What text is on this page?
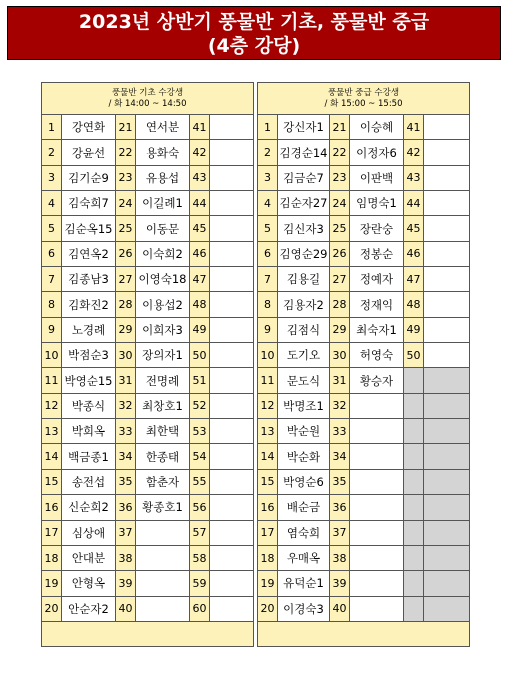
2023년 상반기 풍물반 기초, 풍물반 중급
(4층 강당)
풍물반 기초 수강생
/ 화 14:00 ~ 14:50					

1	강연화	21	연서분	41	
2	강윤선	22	용화숙	42	
3	김기순9	23	유용섭	43	
4	김숙희7	24	이길례1	44	
5	김순옥15	25	이동문	45	
6	김연옥2	26	이숙희2	46	
7	김종남3	27	이영숙18	47	
8	김화진2	28	이용섭2	48	
9	노경례	29	이희자3	49	
10	박점순3	30	장의자1	50	
11	박영순15	31	전명례	51	
12	박종식	32	최창호1	52	
13	박희옥	33	최한택	53	
14	백금종1	34	한종태	54	
15	송전섭	35	함춘자	55	
16	신순희2	36	황종호1	56	
17	심상애	37		57	
18	안대분	38		58	
19	안형옥	39		59	
20	안순자2	40		60	

풍물반 중급 수강생
/ 화 15:00 ~ 15:50					

1	강신자1	21	이승혜	41	
2	김경순14	22	이정자6	42	
3	김금순7	23	이판백	43	
4	김순자27	24	임명숙1	44	
5	김신자3	25	장란숭	45	
6	김영순29	26	정봉순	46	
7	김용길	27	정예자	47	
8	김용자2	28	정재익	48	
9	김점식	29	최숙자1	49	
10	도기오	30	허영숙	50	
11	문도식	31	황승자		
12	박명조1	32			
13	박순원	33			
14	박순화	34			
15	박영순6	35			
16	배순금	36			
17	염숙희	37			
18	우매옥	38			
19	유덕순1	39			
20	이경숙3	40			
